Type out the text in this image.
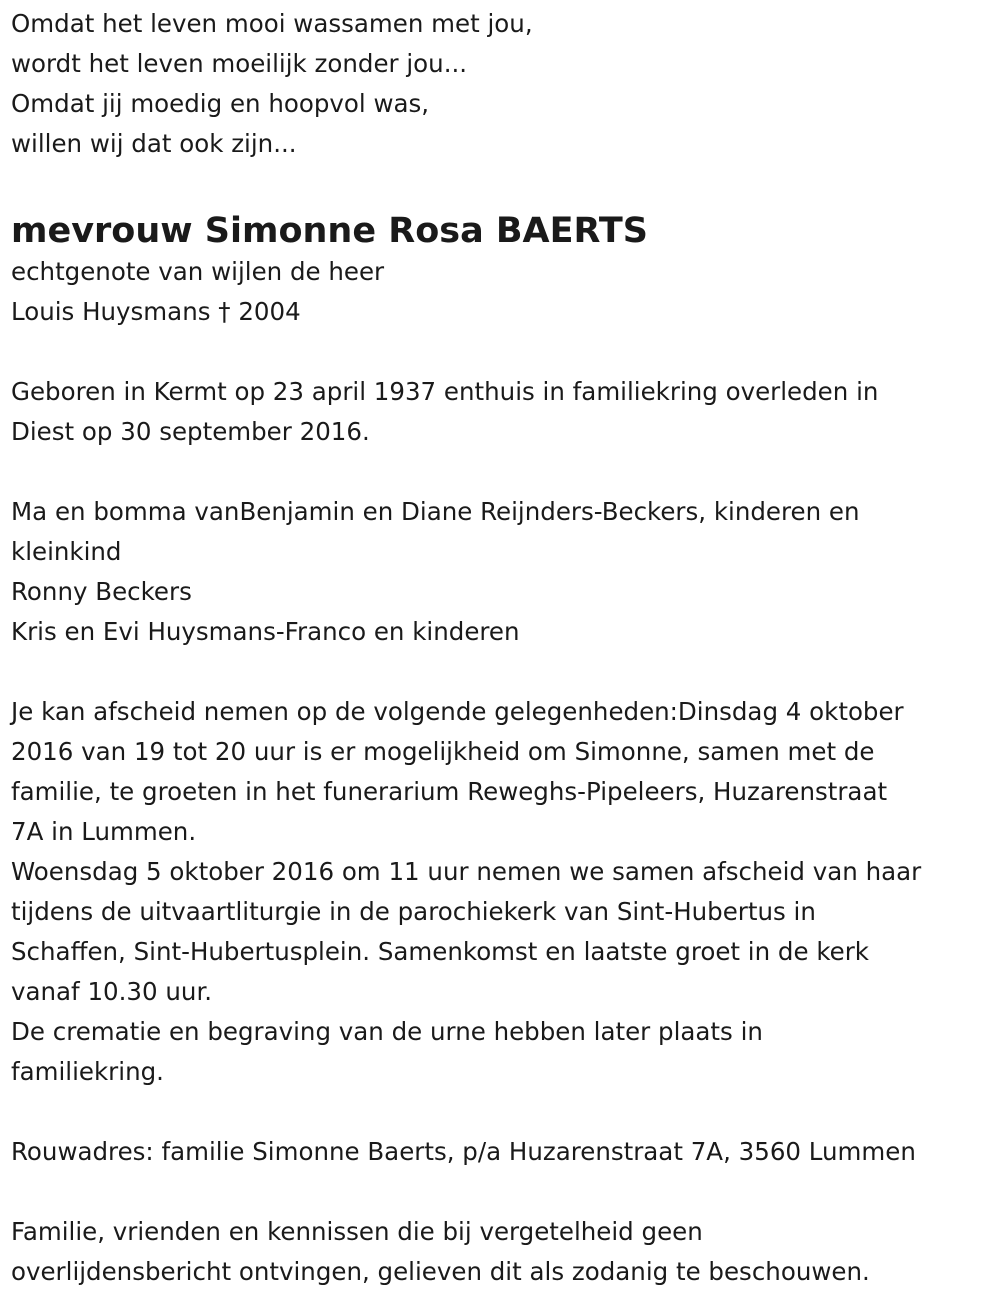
Omdat het leven mooi wassamen met jou,
wordt het leven moeilijk zonder jou...
Omdat jij moedig en hoopvol was,
willen wij dat ook zijn...
mevrouw Simonne Rosa BAERTS
echtgenote van wijlen de heer
Louis Huysmans † 2004
Geboren in Kermt op 23 april 1937 enthuis in familiekring overleden in
Diest op 30 september 2016.
Ma en bomma vanBenjamin en Diane Reijnders-Beckers, kinderen en
kleinkind
Ronny Beckers
Kris en Evi Huysmans-Franco en kinderen
Je kan afscheid nemen op de volgende gelegenheden:Dinsdag 4 oktober
2016 van 19 tot 20 uur is er mogelijkheid om Simonne, samen met de
familie, te groeten in het funerarium Reweghs-Pipeleers, Huzarenstraat
7A in Lummen.
Woensdag 5 oktober 2016 om 11 uur nemen we samen afscheid van haar
tijdens de uitvaartliturgie in de parochiekerk van Sint-Hubertus in
Schaffen, Sint-Hubertusplein. Samenkomst en laatste groet in de kerk
vanaf 10.30 uur.
De crematie en begraving van de urne hebben later plaats in
familiekring.
Rouwadres: familie Simonne Baerts, p/a Huzarenstraat 7A, 3560 Lummen
Familie, vrienden en kennissen die bij vergetelheid geen
overlijdensbericht ontvingen, gelieven dit als zodanig te beschouwen.
